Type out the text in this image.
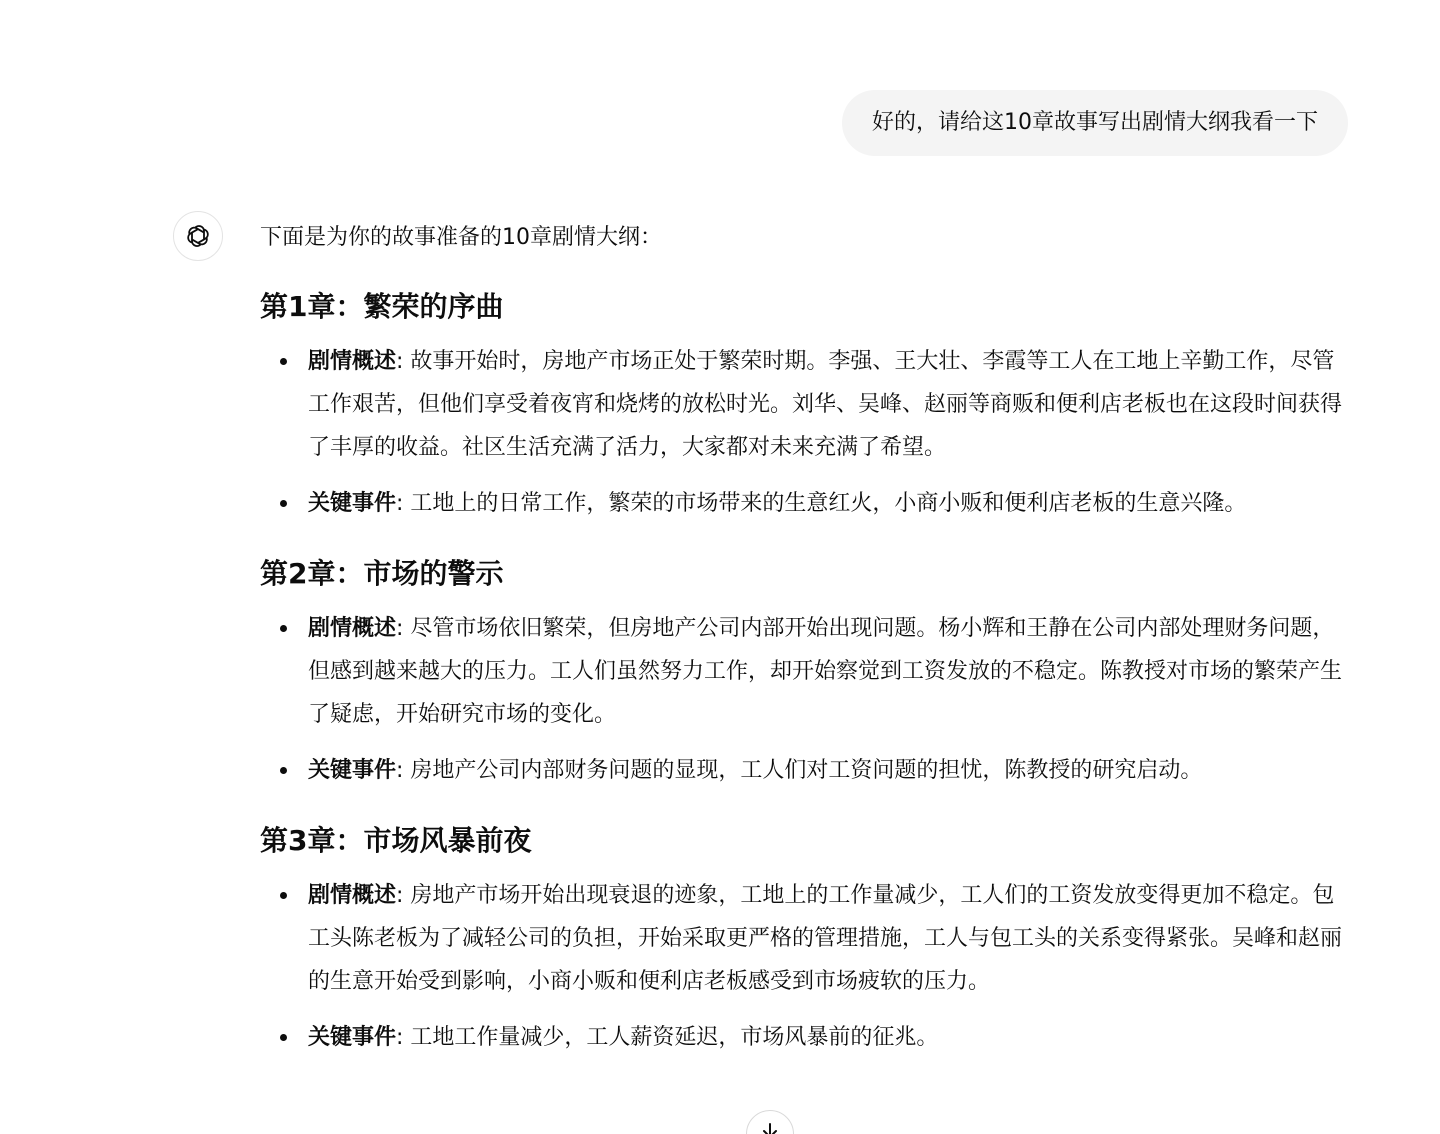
好的，请给这10章故事写出剧情大纲我看一下

下面是为你的故事准备的10章剧情大纲：

第1章：繁荣的序曲
剧情概述: 故事开始时，房地产市场正处于繁荣时期。李强、王大壮、李霞等工人在工地上辛勤工作，尽管工作艰苦，但他们享受着夜宵和烧烤的放松时光。刘华、吴峰、赵丽等商贩和便利店老板也在这段时间获得了丰厚的收益。社区生活充满了活力，大家都对未来充满了希望。
关键事件: 工地上的日常工作，繁荣的市场带来的生意红火，小商小贩和便利店老板的生意兴隆。
第2章：市场的警示
剧情概述: 尽管市场依旧繁荣，但房地产公司内部开始出现问题。杨小辉和王静在公司内部处理财务问题，但感到越来越大的压力。工人们虽然努力工作，却开始察觉到工资发放的不稳定。陈教授对市场的繁荣产生了疑虑，开始研究市场的变化。
关键事件: 房地产公司内部财务问题的显现，工人们对工资问题的担忧，陈教授的研究启动。
第3章：市场风暴前夜
剧情概述: 房地产市场开始出现衰退的迹象，工地上的工作量减少，工人们的工资发放变得更加不稳定。包工头陈老板为了减轻公司的负担，开始采取更严格的管理措施，工人与包工头的关系变得紧张。吴峰和赵丽的生意开始受到影响，小商小贩和便利店老板感受到市场疲软的压力。
关键事件: 工地工作量减少，工人薪资延迟，市场风暴前的征兆。
